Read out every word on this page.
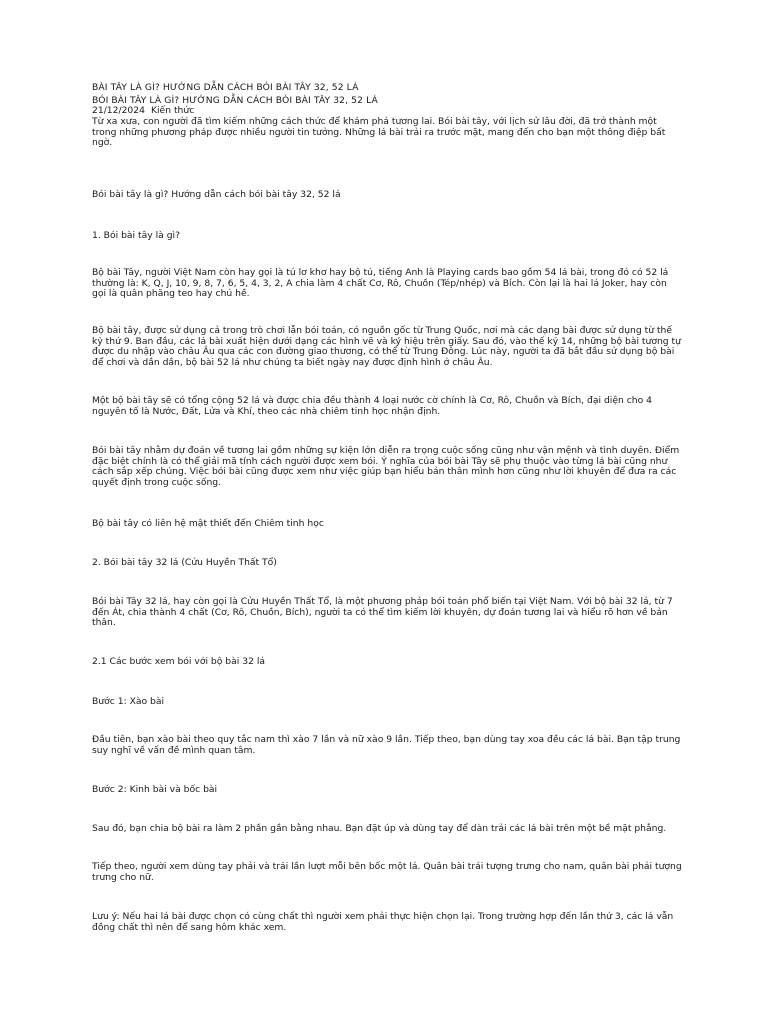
BÀI TÂY LÀ GÌ? HƯỚNG DẪN CÁCH BÓI BÀI TÂY 32, 52 LÁ

BÓI BÀI TÂY LÀ GÌ? HƯỚNG DẪN CÁCH BÓI BÀI TÂY 32, 52 LÁ

21/12/2024 Kiến thức

Từ xa xưa, con người đã tìm kiếm những cách thức để khám phá tương lai. Bói bài tây, với lịch sử lâu đời, đã trở thành một trong những phương pháp được nhiều người tin tưởng. Những lá bài trải ra trước mặt, mang đến cho bạn một thông điệp bất ngờ.

Bói bài tây là gì? Hướng dẫn cách bói bài tây 32, 52 lá

1. Bói bài tây là gì?

Bộ bài Tây, người Việt Nam còn hay gọi là tú lơ khơ hay bộ tú, tiếng Anh là Playing cards bao gồm 54 lá bài, trong đó có 52 lá thường là: K, Q, J, 10, 9, 8, 7, 6, 5, 4, 3, 2, A chia làm 4 chất Cơ, Rô, Chuồn (Tép/nhép) và Bích. Còn lại là hai lá Joker, hay còn gọi là quân phăng teo hay chú hề.

Bộ bài tây, được sử dụng cả trong trò chơi lẫn bói toán, có nguồn gốc từ Trung Quốc, nơi mà các dạng bài được sử dụng từ thế kỷ thứ 9. Ban đầu, các lá bài xuất hiện dưới dạng các hình vẽ và ký hiệu trên giấy. Sau đó, vào thế kỷ 14, những bộ bài tương tự được du nhập vào châu Âu qua các con đường giao thương, có thể từ Trung Đông. Lúc này, người ta đã bắt đầu sử dụng bộ bài để chơi và dần dần, bộ bài 52 lá như chúng ta biết ngày nay được định hình ở châu Âu.

Một bộ bài tây sẽ có tổng cộng 52 lá và được chia đều thành 4 loại nước cờ chính là Cơ, Rô, Chuồn và Bích, đại diện cho 4 nguyên tố là Nước, Đất, Lửa và Khí, theo các nhà chiêm tinh học nhận định.

Bói bài tây nhằm dự đoán về tương lai gồm những sự kiện lớn diễn ra trọng cuộc sống cũng như vận mệnh và tình duyên. Điểm đặc biệt chính là có thể giải mã tính cách người được xem bói. Ý nghĩa của bói bài Tây sẽ phụ thuộc vào từng lá bài cũng như cách sắp xếp chúng. Việc bói bài cũng được xem như việc giúp bạn hiểu bản thân mình hơn cũng như lời khuyên để đưa ra các quyết định trong cuộc sống.

Bộ bài tây có liên hệ mật thiết đến Chiêm tinh học

2. Bói bài tây 32 lá (Cửu Huyền Thất Tổ)

Bói bài Tây 32 lá, hay còn gọi là Cửu Huyền Thất Tổ, là một phương pháp bói toán phổ biến tại Việt Nam. Với bộ bài 32 lá, từ 7 đến Át, chia thành 4 chất (Cơ, Rô, Chuồn, Bích), người ta có thể tìm kiếm lời khuyên, dự đoán tương lai và hiểu rõ hơn về bản thân.

2.1 Các bước xem bói với bộ bài 32 lá

Bước 1: Xào bài

Đầu tiên, bạn xào bài theo quy tắc nam thì xào 7 lần và nữ xào 9 lần. Tiếp theo, bạn dùng tay xoa đều các lá bài. Bạn tập trung suy nghĩ về vấn đề mình quan tâm.

Bước 2: Kinh bài và bốc bài

Sau đó, bạn chia bộ bài ra làm 2 phần gần bằng nhau. Bạn đặt úp và dùng tay để dàn trải các lá bài trên một bề mặt phẳng.

Tiếp theo, người xem dùng tay phải và trái lần lượt mỗi bên bốc một lá. Quân bài trái tượng trưng cho nam, quân bài phải tượng trưng cho nữ.

Lưu ý: Nếu hai lá bài được chọn có cùng chất thì người xem phải thực hiện chọn lại. Trong trường hợp đến lần thứ 3, các lá vẫn đồng chất thì nên để sang hôm khác xem.
